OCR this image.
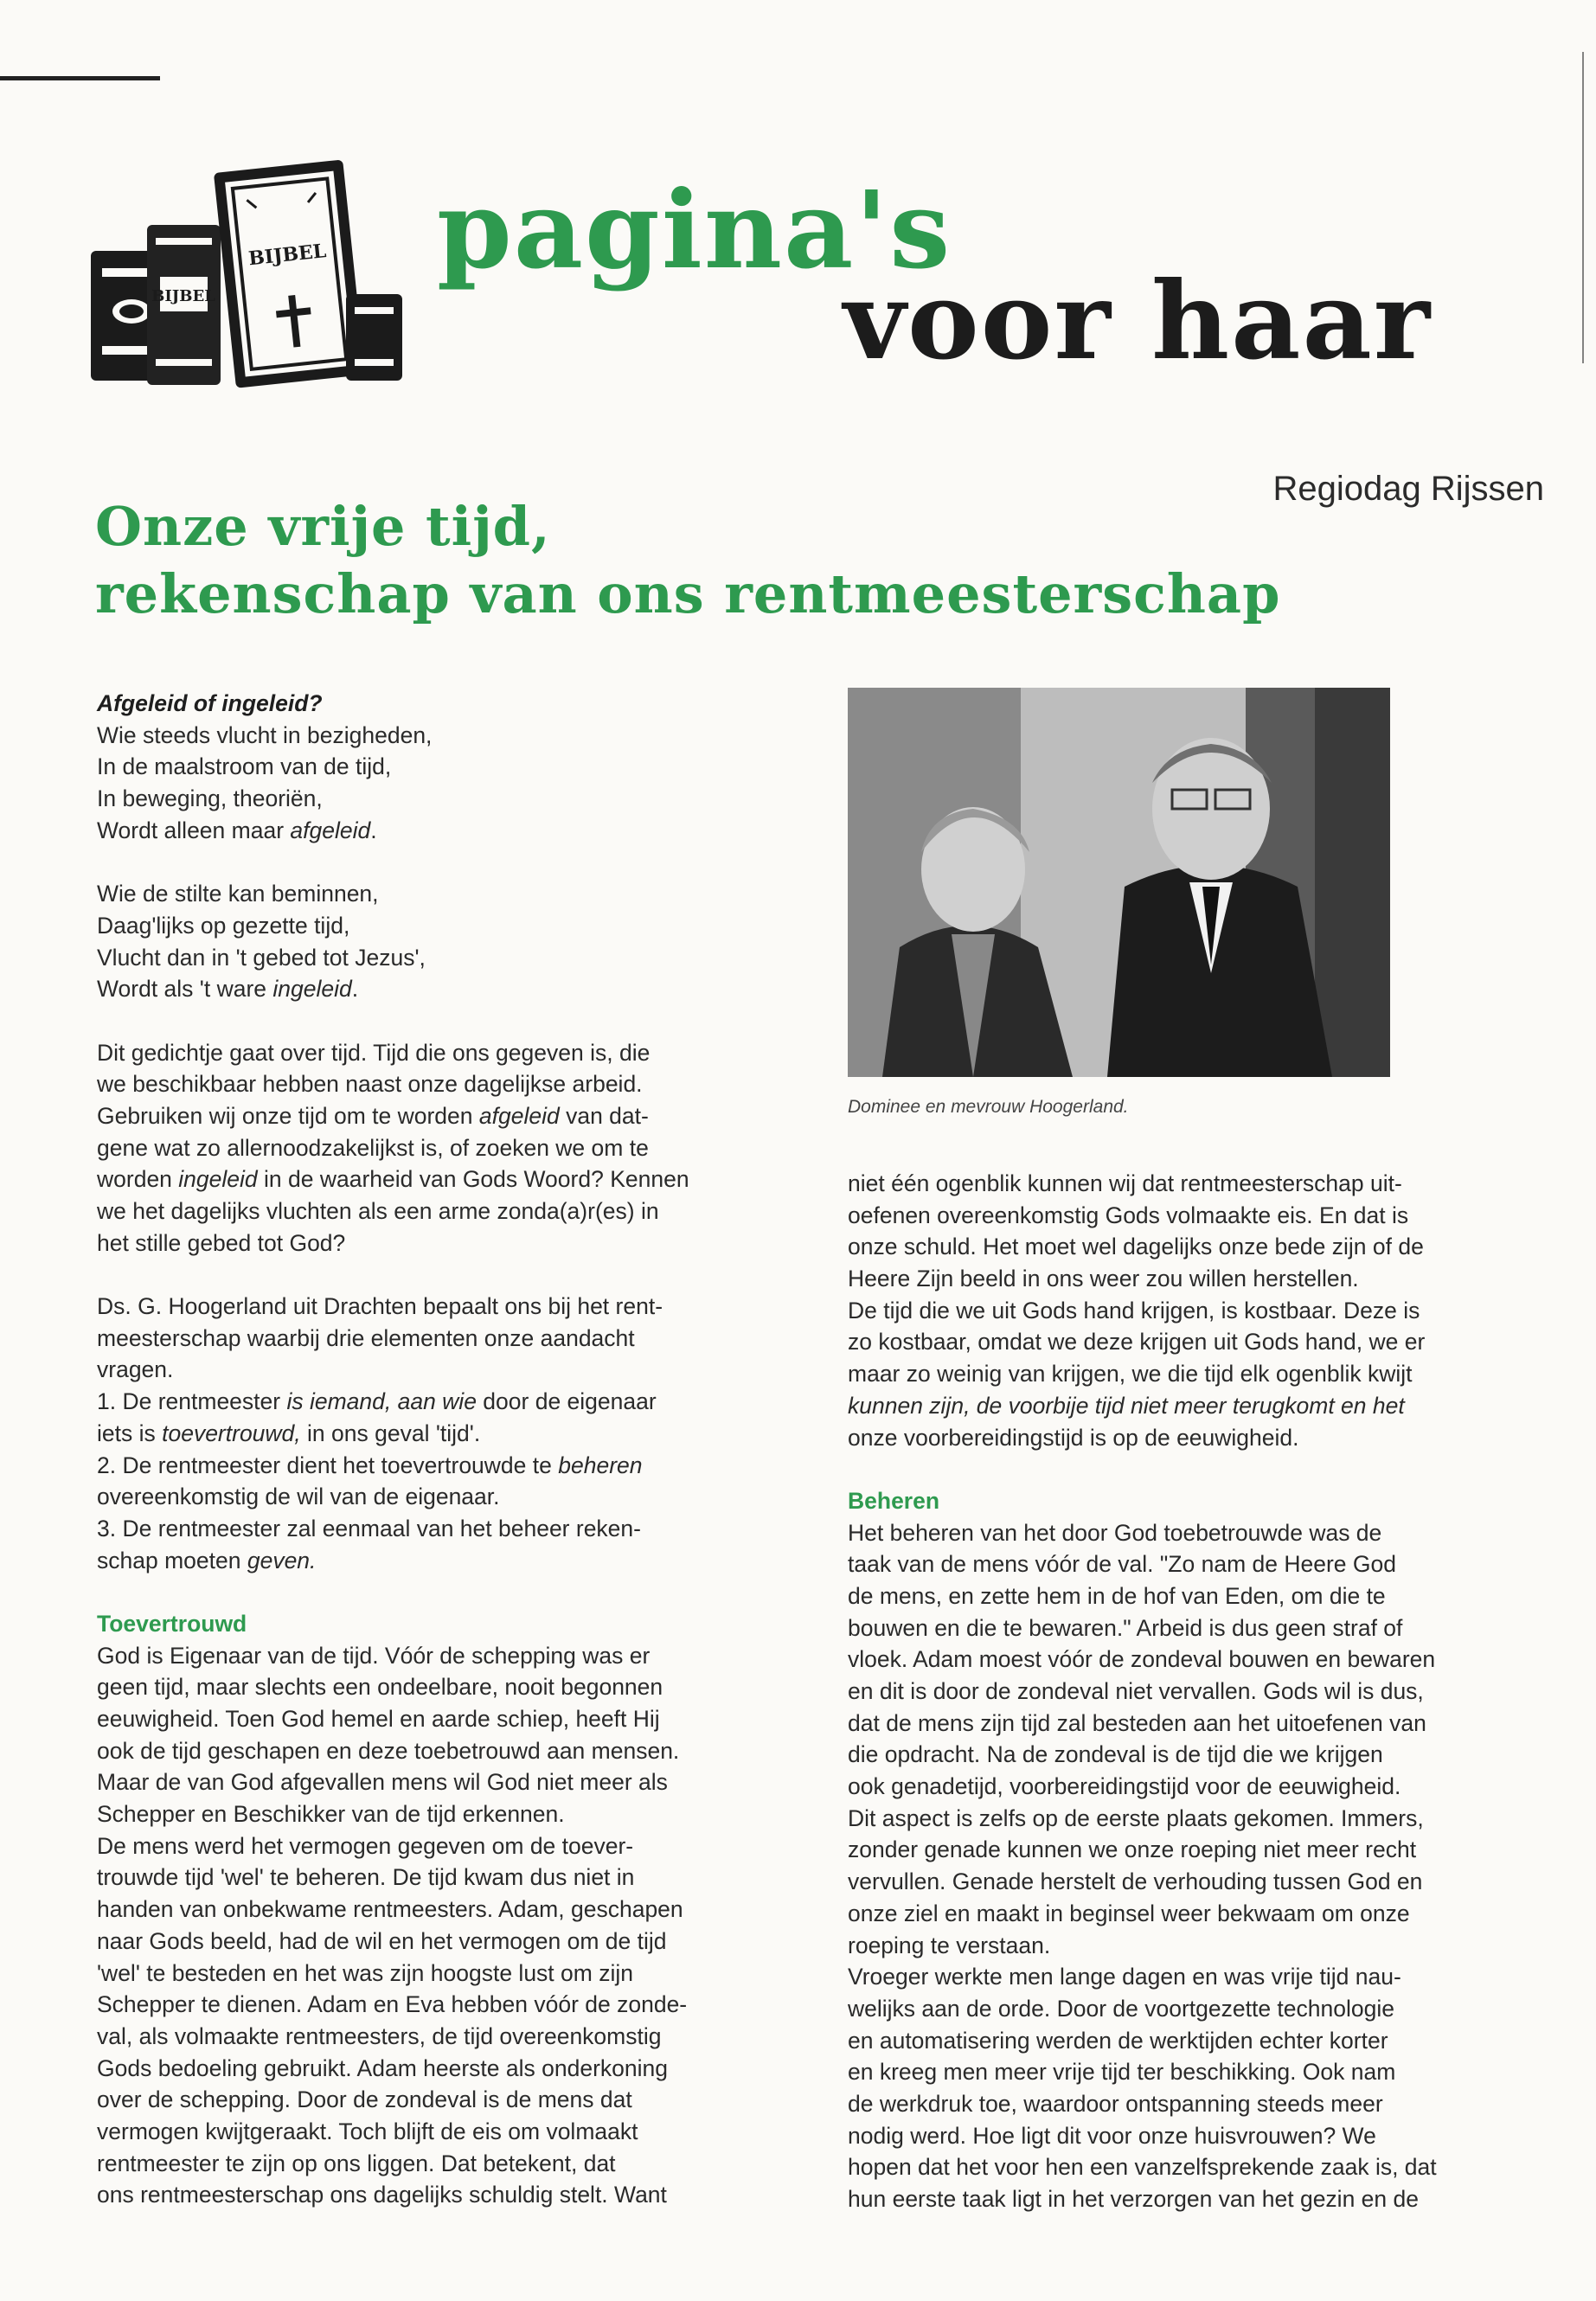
BIJBEL
BIJBEL pagina's
voor haar
Regiodag Rijssen
Onze vrije tijd,
rekenschap van ons rentmeesterschap
Dominee en mevrouw Hoogerland.
Afgeleid of ingeleid?
Wie steeds vlucht in bezigheden,
In de maalstroom van de tijd,
In beweging, theoriën,
Wordt alleen maar afgeleid.
Wie de stilte kan beminnen,
Daag'lijks op gezette tijd,
Vlucht dan in 't gebed tot Jezus',
Wordt als 't ware ingeleid.
Dit gedichtje gaat over tijd. Tijd die ons gegeven is, die
we beschikbaar hebben naast onze dagelijkse arbeid.
Gebruiken wij onze tijd om te worden afgeleid van dat-
gene wat zo allernoodzakelijkst is, of zoeken we om te
worden ingeleid in de waarheid van Gods Woord? Kennen
we het dagelijks vluchten als een arme zonda(a)r(es) in
het stille gebed tot God?
Ds. G. Hoogerland uit Drachten bepaalt ons bij het rent-
meesterschap waarbij drie elementen onze aandacht
vragen.
1. De rentmeester is iemand, aan wie door de eigenaar
iets is toevertrouwd, in ons geval 'tijd'.
2. De rentmeester dient het toevertrouwde te beheren
overeenkomstig de wil van de eigenaar.
3. De rentmeester zal eenmaal van het beheer reken-
schap moeten geven.
Toevertrouwd
God is Eigenaar van de tijd. Vóór de schepping was er
geen tijd, maar slechts een ondeelbare, nooit begonnen
eeuwigheid. Toen God hemel en aarde schiep, heeft Hij
ook de tijd geschapen en deze toebetrouwd aan mensen.
Maar de van God afgevallen mens wil God niet meer als
Schepper en Beschikker van de tijd erkennen.
De mens werd het vermogen gegeven om de toever-
trouwde tijd 'wel' te beheren. De tijd kwam dus niet in
handen van onbekwame rentmeesters. Adam, geschapen
naar Gods beeld, had de wil en het vermogen om de tijd
'wel' te besteden en het was zijn hoogste lust om zijn
Schepper te dienen. Adam en Eva hebben vóór de zonde-
val, als volmaakte rentmeesters, de tijd overeenkomstig
Gods bedoeling gebruikt. Adam heerste als onderkoning
over de schepping. Door de zondeval is de mens dat
vermogen kwijtgeraakt. Toch blijft de eis om volmaakt
rentmeester te zijn op ons liggen. Dat betekent, dat
ons rentmeesterschap ons dagelijks schuldig stelt. Want
niet één ogenblik kunnen wij dat rentmeesterschap uit-
oefenen overeenkomstig Gods volmaakte eis. En dat is
onze schuld. Het moet wel dagelijks onze bede zijn of de
Heere Zijn beeld in ons weer zou willen herstellen.
De tijd die we uit Gods hand krijgen, is kostbaar. Deze is
zo kostbaar, omdat we deze krijgen uit Gods hand, we er
maar zo weinig van krijgen, we die tijd elk ogenblik kwijt
kunnen zijn, de voorbije tijd niet meer terugkomt en het
onze voorbereidingstijd is op de eeuwigheid.
Beheren
Het beheren van het door God toebetrouwde was de
taak van de mens vóór de val. "Zo nam de Heere God
de mens, en zette hem in de hof van Eden, om die te
bouwen en die te bewaren." Arbeid is dus geen straf of
vloek. Adam moest vóór de zondeval bouwen en bewaren
en dit is door de zondeval niet vervallen. Gods wil is dus,
dat de mens zijn tijd zal besteden aan het uitoefenen van
die opdracht. Na de zondeval is de tijd die we krijgen
ook genadetijd, voorbereidingstijd voor de eeuwigheid.
Dit aspect is zelfs op de eerste plaats gekomen. Immers,
zonder genade kunnen we onze roeping niet meer recht
vervullen. Genade herstelt de verhouding tussen God en
onze ziel en maakt in beginsel weer bekwaam om onze
roeping te verstaan.
Vroeger werkte men lange dagen en was vrije tijd nau-
welijks aan de orde. Door de voortgezette technologie
en automatisering werden de werktijden echter korter
en kreeg men meer vrije tijd ter beschikking. Ook nam
de werkdruk toe, waardoor ontspanning steeds meer
nodig werd. Hoe ligt dit voor onze huisvrouwen? We
hopen dat het voor hen een vanzelfsprekende zaak is, dat
hun eerste taak ligt in het verzorgen van het gezin en de
